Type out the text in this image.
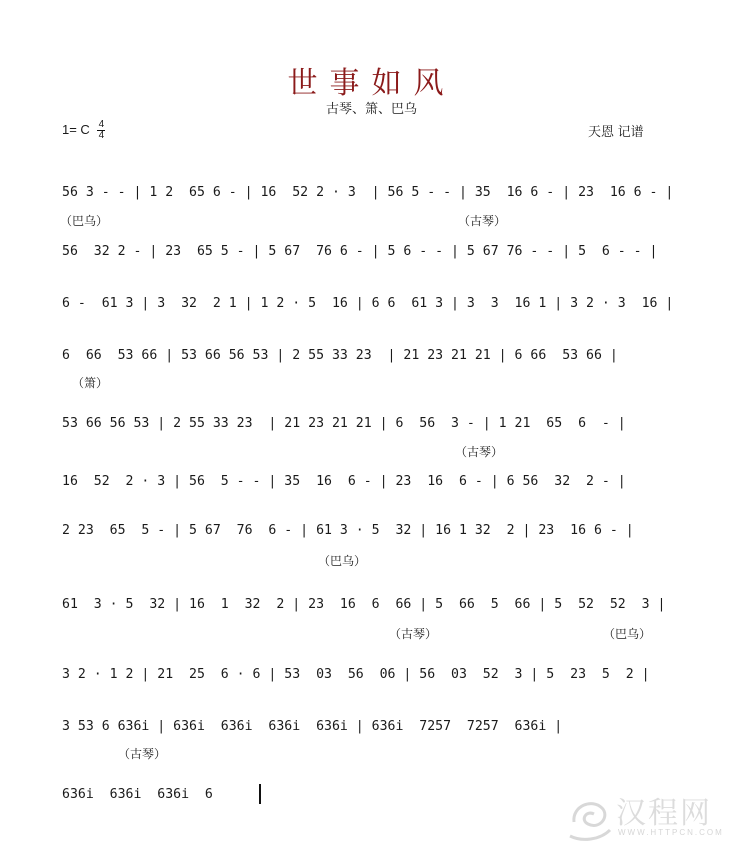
世事如风
古琴、箫、巴乌
1= C $\frac{4}{4}$	天恩 记谱
56 3 - - | 1 2  65 6 - | 16  52 2 · 3  | 56 5 - - | 35  16 6 - | 23  16 6 - |
56  32 2 - | 23  65 5 - | 5 67  76 6 - | 5 6 - - | 5 67 76 - - | 5  6 - - |
6 -  61 3 | 3  32  2 1 | 1 2 · 5  16 | 6 6  61 3 | 3  3  16 1 | 3 2 · 3  16 |
6  66  53 66 | 53 66 56 53 | 2 55 33 23  | 21 23 21 21 | 6 66  53 66 |
53 66 56 53 | 2 55 33 23  | 21 23 21 21 | 6  56  3 - | 1 21  65  6  - |
16  52  2 · 3 | 56  5 - - | 35  16  6 - | 23  16  6 - | 6 56  32  2 - |
2 23  65  5 - | 5 67  76  6 - | 61 3 · 5  32 | 16 1 32  2 | 23  16 6 - |
61  3 · 5  32 | 16  1  32  2 | 23  16  6  66 | 5  66  5  66 | 5  52  52  3 |
3 2 · 1 2 | 21  25  6 · 6 | 53  03  56  06 | 56  03  52  3 | 5  23  5  2 |
3 53 6 636i | 636i  636i  636i  636i | 636i  7257  7257  636i |
636i  636i  636i  6
（巴乌）	（古琴）
（箫）
（古琴）
（巴乌）
（古琴）	（巴乌）
（古琴）
汉程网
WWW.HTTPCN.COM
